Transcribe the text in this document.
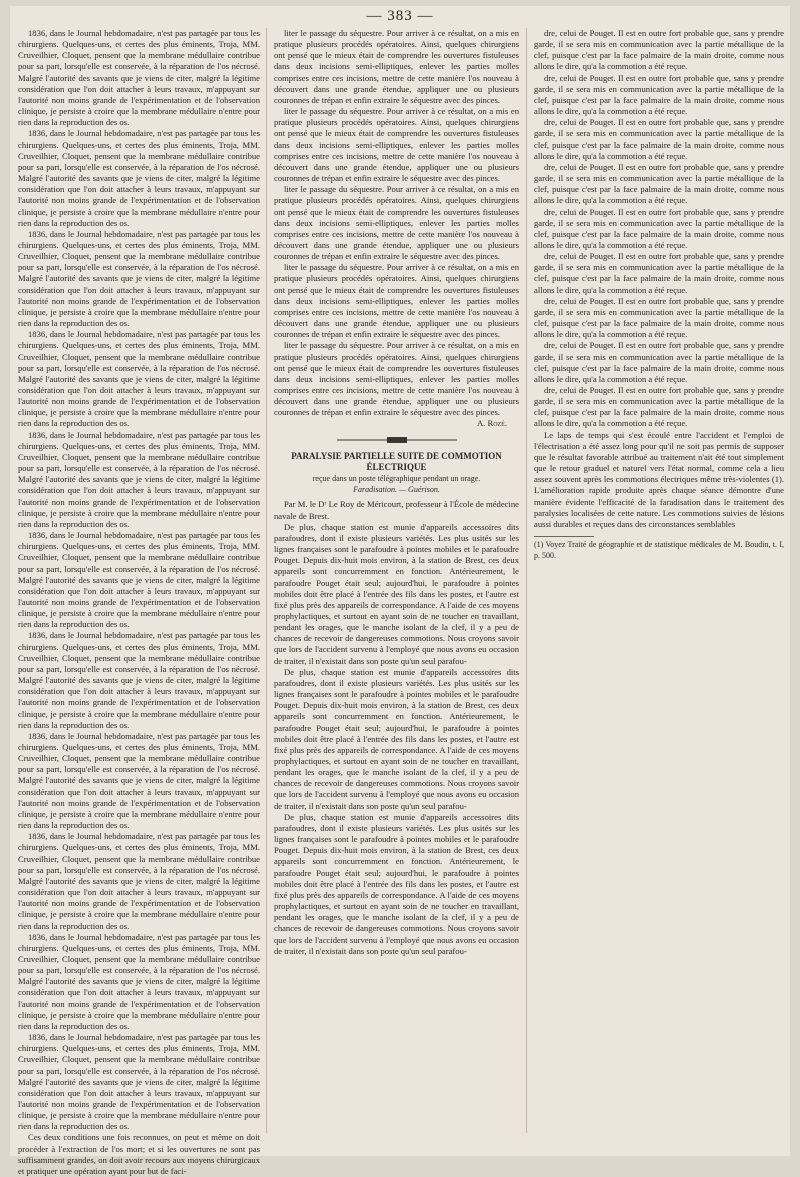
— 383 —

1836, dans le Journal hebdomadaire, n'est pas partagée par tous les chirurgiens. Quelques-uns, et certes des plus éminents, Troja, MM. Cruveilhier, Cloquet, pensent que la membrane médullaire contribue pour sa part, lorsqu'elle est conservée, à la réparation de l'os nécrosé. Malgré l'autorité des savants que je viens de citer, malgré la légitime considération que l'on doit attacher à leurs travaux, m'appuyant sur l'autorité non moins grande de l'expérimentation et de l'observation clinique, je persiste à croire que la membrane médullaire n'entre pour rien dans la reproduction des os.

1836, dans le Journal hebdomadaire, n'est pas partagée par tous les chirurgiens. Quelques-uns, et certes des plus éminents, Troja, MM. Cruveilhier, Cloquet, pensent que la membrane médullaire contribue pour sa part, lorsqu'elle est conservée, à la réparation de l'os nécrosé. Malgré l'autorité des savants que je viens de citer, malgré la légitime considération que l'on doit attacher à leurs travaux, m'appuyant sur l'autorité non moins grande de l'expérimentation et de l'observation clinique, je persiste à croire que la membrane médullaire n'entre pour rien dans la reproduction des os.

1836, dans le Journal hebdomadaire, n'est pas partagée par tous les chirurgiens. Quelques-uns, et certes des plus éminents, Troja, MM. Cruveilhier, Cloquet, pensent que la membrane médullaire contribue pour sa part, lorsqu'elle est conservée, à la réparation de l'os nécrosé. Malgré l'autorité des savants que je viens de citer, malgré la légitime considération que l'on doit attacher à leurs travaux, m'appuyant sur l'autorité non moins grande de l'expérimentation et de l'observation clinique, je persiste à croire que la membrane médullaire n'entre pour rien dans la reproduction des os.

1836, dans le Journal hebdomadaire, n'est pas partagée par tous les chirurgiens. Quelques-uns, et certes des plus éminents, Troja, MM. Cruveilhier, Cloquet, pensent que la membrane médullaire contribue pour sa part, lorsqu'elle est conservée, à la réparation de l'os nécrosé. Malgré l'autorité des savants que je viens de citer, malgré la légitime considération que l'on doit attacher à leurs travaux, m'appuyant sur l'autorité non moins grande de l'expérimentation et de l'observation clinique, je persiste à croire que la membrane médullaire n'entre pour rien dans la reproduction des os.

1836, dans le Journal hebdomadaire, n'est pas partagée par tous les chirurgiens. Quelques-uns, et certes des plus éminents, Troja, MM. Cruveilhier, Cloquet, pensent que la membrane médullaire contribue pour sa part, lorsqu'elle est conservée, à la réparation de l'os nécrosé. Malgré l'autorité des savants que je viens de citer, malgré la légitime considération que l'on doit attacher à leurs travaux, m'appuyant sur l'autorité non moins grande de l'expérimentation et de l'observation clinique, je persiste à croire que la membrane médullaire n'entre pour rien dans la reproduction des os.

1836, dans le Journal hebdomadaire, n'est pas partagée par tous les chirurgiens. Quelques-uns, et certes des plus éminents, Troja, MM. Cruveilhier, Cloquet, pensent que la membrane médullaire contribue pour sa part, lorsqu'elle est conservée, à la réparation de l'os nécrosé. Malgré l'autorité des savants que je viens de citer, malgré la légitime considération que l'on doit attacher à leurs travaux, m'appuyant sur l'autorité non moins grande de l'expérimentation et de l'observation clinique, je persiste à croire que la membrane médullaire n'entre pour rien dans la reproduction des os.

1836, dans le Journal hebdomadaire, n'est pas partagée par tous les chirurgiens. Quelques-uns, et certes des plus éminents, Troja, MM. Cruveilhier, Cloquet, pensent que la membrane médullaire contribue pour sa part, lorsqu'elle est conservée, à la réparation de l'os nécrosé. Malgré l'autorité des savants que je viens de citer, malgré la légitime considération que l'on doit attacher à leurs travaux, m'appuyant sur l'autorité non moins grande de l'expérimentation et de l'observation clinique, je persiste à croire que la membrane médullaire n'entre pour rien dans la reproduction des os.

1836, dans le Journal hebdomadaire, n'est pas partagée par tous les chirurgiens. Quelques-uns, et certes des plus éminents, Troja, MM. Cruveilhier, Cloquet, pensent que la membrane médullaire contribue pour sa part, lorsqu'elle est conservée, à la réparation de l'os nécrosé. Malgré l'autorité des savants que je viens de citer, malgré la légitime considération que l'on doit attacher à leurs travaux, m'appuyant sur l'autorité non moins grande de l'expérimentation et de l'observation clinique, je persiste à croire que la membrane médullaire n'entre pour rien dans la reproduction des os.

1836, dans le Journal hebdomadaire, n'est pas partagée par tous les chirurgiens. Quelques-uns, et certes des plus éminents, Troja, MM. Cruveilhier, Cloquet, pensent que la membrane médullaire contribue pour sa part, lorsqu'elle est conservée, à la réparation de l'os nécrosé. Malgré l'autorité des savants que je viens de citer, malgré la légitime considération que l'on doit attacher à leurs travaux, m'appuyant sur l'autorité non moins grande de l'expérimentation et de l'observation clinique, je persiste à croire que la membrane médullaire n'entre pour rien dans la reproduction des os.

1836, dans le Journal hebdomadaire, n'est pas partagée par tous les chirurgiens. Quelques-uns, et certes des plus éminents, Troja, MM. Cruveilhier, Cloquet, pensent que la membrane médullaire contribue pour sa part, lorsqu'elle est conservée, à la réparation de l'os nécrosé. Malgré l'autorité des savants que je viens de citer, malgré la légitime considération que l'on doit attacher à leurs travaux, m'appuyant sur l'autorité non moins grande de l'expérimentation et de l'observation clinique, je persiste à croire que la membrane médullaire n'entre pour rien dans la reproduction des os.

1836, dans le Journal hebdomadaire, n'est pas partagée par tous les chirurgiens. Quelques-uns, et certes des plus éminents, Troja, MM. Cruveilhier, Cloquet, pensent que la membrane médullaire contribue pour sa part, lorsqu'elle est conservée, à la réparation de l'os nécrosé. Malgré l'autorité des savants que je viens de citer, malgré la légitime considération que l'on doit attacher à leurs travaux, m'appuyant sur l'autorité non moins grande de l'expérimentation et de l'observation clinique, je persiste à croire que la membrane médullaire n'entre pour rien dans la reproduction des os.

Ces deux conditions une fois reconnues, on peut et même on doit procéder à l'extraction de l'os mort; et si les ouvertures ne sont pas suffisamment grandes, on doit avoir recours aux moyens chirurgicaux et pratiquer une opération ayant pour but de faci-

liter le passage du séquestre. Pour arriver à ce résultat, on a mis en pratique plusieurs procédés opératoires. Ainsi, quelques chirurgiens ont pensé que le mieux était de comprendre les ouvertures fistuleuses dans deux incisions semi-elliptiques, enlever les parties molles comprises entre ces incisions, mettre de cette manière l'os nouveau à découvert dans une grande étendue, appliquer une ou plusieurs couronnes de trépan et enfin extraire le séquestre avec des pinces.

liter le passage du séquestre. Pour arriver à ce résultat, on a mis en pratique plusieurs procédés opératoires. Ainsi, quelques chirurgiens ont pensé que le mieux était de comprendre les ouvertures fistuleuses dans deux incisions semi-elliptiques, enlever les parties molles comprises entre ces incisions, mettre de cette manière l'os nouveau à découvert dans une grande étendue, appliquer une ou plusieurs couronnes de trépan et enfin extraire le séquestre avec des pinces.

liter le passage du séquestre. Pour arriver à ce résultat, on a mis en pratique plusieurs procédés opératoires. Ainsi, quelques chirurgiens ont pensé que le mieux était de comprendre les ouvertures fistuleuses dans deux incisions semi-elliptiques, enlever les parties molles comprises entre ces incisions, mettre de cette manière l'os nouveau à découvert dans une grande étendue, appliquer une ou plusieurs couronnes de trépan et enfin extraire le séquestre avec des pinces.

liter le passage du séquestre. Pour arriver à ce résultat, on a mis en pratique plusieurs procédés opératoires. Ainsi, quelques chirurgiens ont pensé que le mieux était de comprendre les ouvertures fistuleuses dans deux incisions semi-elliptiques, enlever les parties molles comprises entre ces incisions, mettre de cette manière l'os nouveau à découvert dans une grande étendue, appliquer une ou plusieurs couronnes de trépan et enfin extraire le séquestre avec des pinces.

liter le passage du séquestre. Pour arriver à ce résultat, on a mis en pratique plusieurs procédés opératoires. Ainsi, quelques chirurgiens ont pensé que le mieux était de comprendre les ouvertures fistuleuses dans deux incisions semi-elliptiques, enlever les parties molles comprises entre ces incisions, mettre de cette manière l'os nouveau à découvert dans une grande étendue, appliquer une ou plusieurs couronnes de trépan et enfin extraire le séquestre avec des pinces.

A. Rozé.
PARALYSIE PARTIELLE SUITE DE COMMOTION ÉLECTRIQUE
reçue dans un poste télégraphique pendant un orage.
Faradisation. — Guérison.

Par M. le Dʳ Le Roy de Méricourt, professeur à l'École de médecine navale de Brest.

De plus, chaque station est munie d'appareils accessoires dits parafoudres, dont il existe plusieurs variétés. Les plus usités sur les lignes françaises sont le parafoudre à pointes mobiles et le parafoudre Pouget. Depuis dix-huit mois environ, à la station de Brest, ces deux appareils sont concurremment en fonction. Antérieurement, le parafoudre Pouget était seul; aujourd'hui, le parafoudre à pointes mobiles doit être placé à l'entrée des fils dans les postes, et l'autre est fixé plus près des appareils de correspondance. A l'aide de ces moyens prophylactiques, et surtout en ayant soin de ne toucher en travaillant, pendant les orages, que le manche isolant de la clef, il y a peu de chances de recevoir de dangereuses commotions. Nous croyons savoir que lors de l'accident survenu à l'employé que nous avons eu occasion de traiter, il n'existait dans son poste qu'un seul parafou-

De plus, chaque station est munie d'appareils accessoires dits parafoudres, dont il existe plusieurs variétés. Les plus usités sur les lignes françaises sont le parafoudre à pointes mobiles et le parafoudre Pouget. Depuis dix-huit mois environ, à la station de Brest, ces deux appareils sont concurremment en fonction. Antérieurement, le parafoudre Pouget était seul; aujourd'hui, le parafoudre à pointes mobiles doit être placé à l'entrée des fils dans les postes, et l'autre est fixé plus près des appareils de correspondance. A l'aide de ces moyens prophylactiques, et surtout en ayant soin de ne toucher en travaillant, pendant les orages, que le manche isolant de la clef, il y a peu de chances de recevoir de dangereuses commotions. Nous croyons savoir que lors de l'accident survenu à l'employé que nous avons eu occasion de traiter, il n'existait dans son poste qu'un seul parafou-

De plus, chaque station est munie d'appareils accessoires dits parafoudres, dont il existe plusieurs variétés. Les plus usités sur les lignes françaises sont le parafoudre à pointes mobiles et le parafoudre Pouget. Depuis dix-huit mois environ, à la station de Brest, ces deux appareils sont concurremment en fonction. Antérieurement, le parafoudre Pouget était seul; aujourd'hui, le parafoudre à pointes mobiles doit être placé à l'entrée des fils dans les postes, et l'autre est fixé plus près des appareils de correspondance. A l'aide de ces moyens prophylactiques, et surtout en ayant soin de ne toucher en travaillant, pendant les orages, que le manche isolant de la clef, il y a peu de chances de recevoir de dangereuses commotions. Nous croyons savoir que lors de l'accident survenu à l'employé que nous avons eu occasion de traiter, il n'existait dans son poste qu'un seul parafou-

dre, celui de Pouget. Il est en outre fort probable que, sans y prendre garde, il se sera mis en communication avec la partie métallique de la clef, puisque c'est par la face palmaire de la main droite, comme nous allons le dire, qu'a la commotion a été reçue.

dre, celui de Pouget. Il est en outre fort probable que, sans y prendre garde, il se sera mis en communication avec la partie métallique de la clef, puisque c'est par la face palmaire de la main droite, comme nous allons le dire, qu'a la commotion a été reçue.

dre, celui de Pouget. Il est en outre fort probable que, sans y prendre garde, il se sera mis en communication avec la partie métallique de la clef, puisque c'est par la face palmaire de la main droite, comme nous allons le dire, qu'a la commotion a été reçue.

dre, celui de Pouget. Il est en outre fort probable que, sans y prendre garde, il se sera mis en communication avec la partie métallique de la clef, puisque c'est par la face palmaire de la main droite, comme nous allons le dire, qu'a la commotion a été reçue.

dre, celui de Pouget. Il est en outre fort probable que, sans y prendre garde, il se sera mis en communication avec la partie métallique de la clef, puisque c'est par la face palmaire de la main droite, comme nous allons le dire, qu'a la commotion a été reçue.

dre, celui de Pouget. Il est en outre fort probable que, sans y prendre garde, il se sera mis en communication avec la partie métallique de la clef, puisque c'est par la face palmaire de la main droite, comme nous allons le dire, qu'a la commotion a été reçue.

dre, celui de Pouget. Il est en outre fort probable que, sans y prendre garde, il se sera mis en communication avec la partie métallique de la clef, puisque c'est par la face palmaire de la main droite, comme nous allons le dire, qu'a la commotion a été reçue.

dre, celui de Pouget. Il est en outre fort probable que, sans y prendre garde, il se sera mis en communication avec la partie métallique de la clef, puisque c'est par la face palmaire de la main droite, comme nous allons le dire, qu'a la commotion a été reçue.

dre, celui de Pouget. Il est en outre fort probable que, sans y prendre garde, il se sera mis en communication avec la partie métallique de la clef, puisque c'est par la face palmaire de la main droite, comme nous allons le dire, qu'a la commotion a été reçue.

Le laps de temps qui s'est écoulé entre l'accident et l'emploi de l'électrisation a été assez long pour qu'il ne soit pas permis de supposer que le résultat favorable attribué au traitement n'ait été tout simplement que le retour graduel et naturel vers l'état normal, comme cela a lieu assez souvent après les commotions électriques même très-violentes (1). L'amélioration rapide produite après chaque séance démontre d'une manière évidente l'efficacité de la faradisation dans le traitement des paralysies localisées de cette nature. Les commotions suivies de lésions aussi durables et reçues dans des circonstances semblables

(1) Voyez Traité de géographie et de statistique médicales de M. Boudin, t. I, p. 500.
